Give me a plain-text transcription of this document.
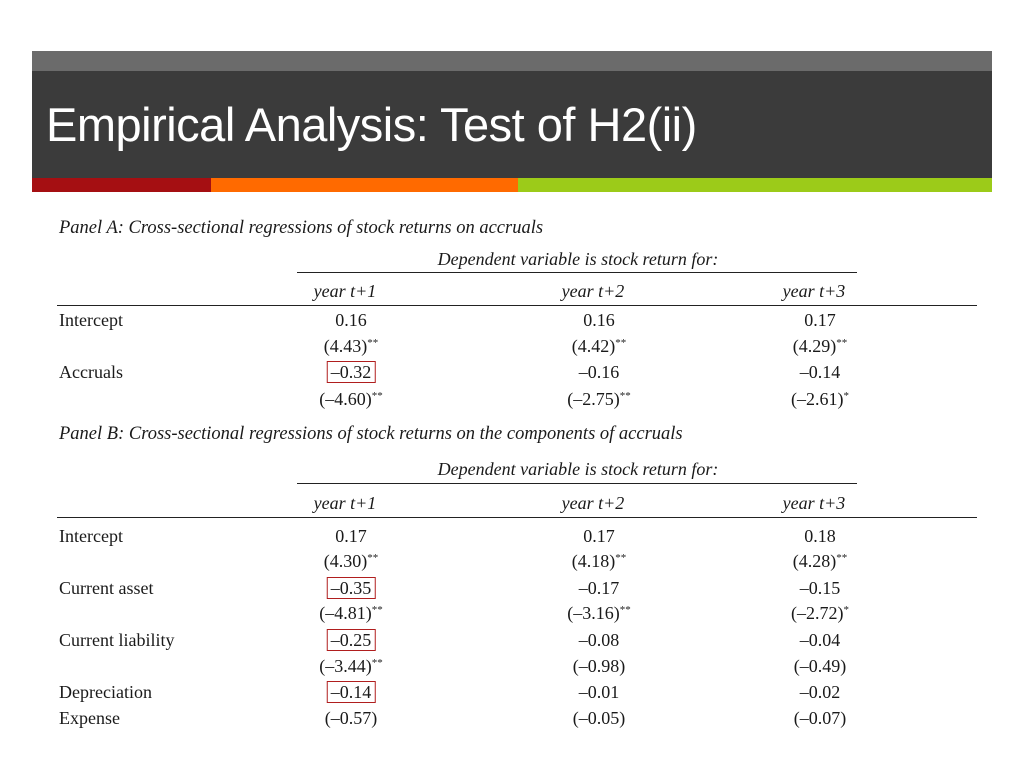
Empirical Analysis: Test of H2(ii)
Panel A: Cross-sectional regressions of stock returns on accruals
Dependent variable is stock return for:
year t+1	year t+2	year t+3
Intercept	0.16	0.16	0.17
(4.43)**	(4.42)**	(4.29)**
Accruals	–0.32	–0.16	–0.14
(–4.60)**	(–2.75)**	(–2.61)*
Panel B: Cross-sectional regressions of stock returns on the components of accruals
Dependent variable is stock return for:
year t+1	year t+2	year t+3
Intercept	0.17	0.17	0.18
(4.30)**	(4.18)**	(4.28)**
Current asset	–0.35	–0.17	–0.15
(–4.81)**	(–3.16)**	(–2.72)*
Current liability	–0.25	–0.08	–0.04
(–3.44)**	(–0.98)	(–0.49)
Depreciation	–0.14	–0.01	–0.02
Expense	(–0.57)	(–0.05)	(–0.07)
